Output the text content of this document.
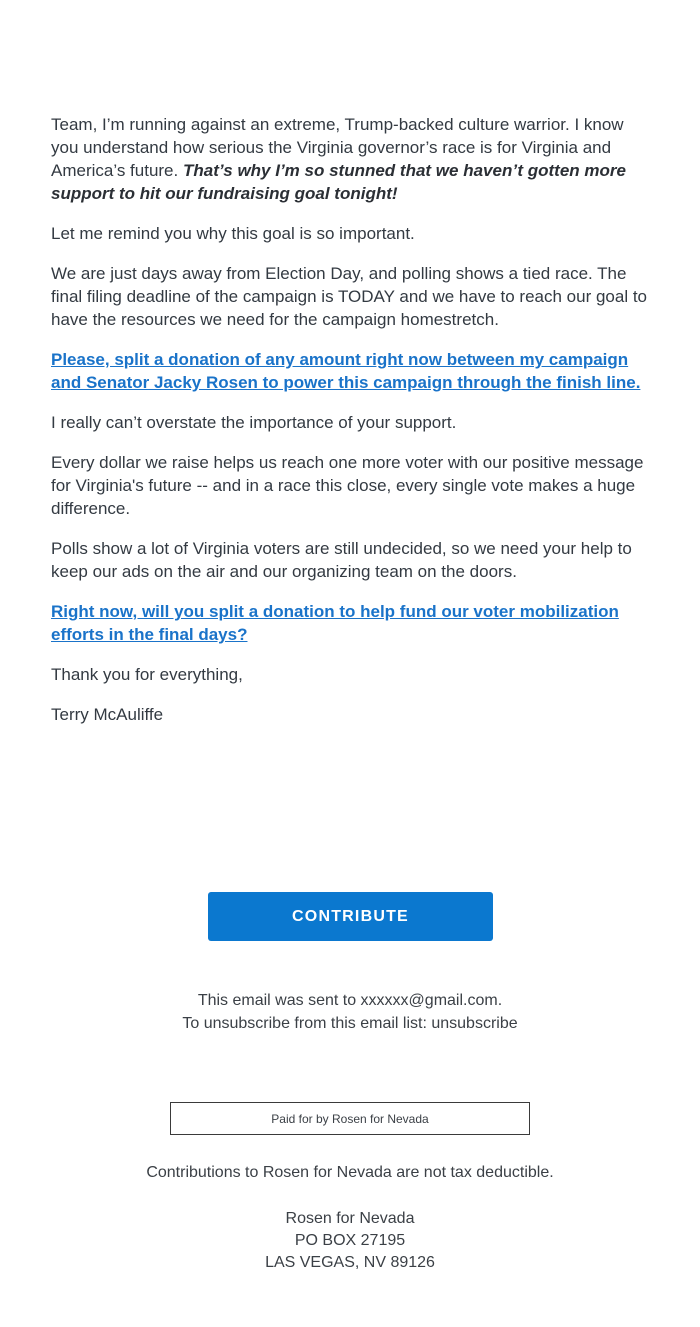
Team, I’m running against an extreme, Trump-backed culture warrior. I know you understand how serious the Virginia governor’s race is for Virginia and America’s future. That’s why I’m so stunned that we haven’t gotten more support to hit our fundraising goal tonight!

Let me remind you why this goal is so important.

We are just days away from Election Day, and polling shows a tied race. The final filing deadline of the campaign is TODAY and we have to reach our goal to have the resources we need for the campaign homestretch.

Please, split a donation of any amount right now between my campaign and Senator Jacky Rosen to power this campaign through the finish line.

I really can’t overstate the importance of your support.

Every dollar we raise helps us reach one more voter with our positive message for Virginia's future -- and in a race this close, every single vote makes a huge difference.

Polls show a lot of Virginia voters are still undecided, so we need your help to keep our ads on the air and our organizing team on the doors.

Right now, will you split a donation to help fund our voter mobilization efforts in the final days?

Thank you for everything,

Terry McAuliffe

CONTRIBUTE
This email was sent to xxxxxx@gmail.com.
To unsubscribe from this email list: unsubscribe
Paid for by Rosen for Nevada
Contributions to Rosen for Nevada are not tax deductible.
Rosen for Nevada
PO BOX 27195
LAS VEGAS, NV 89126
